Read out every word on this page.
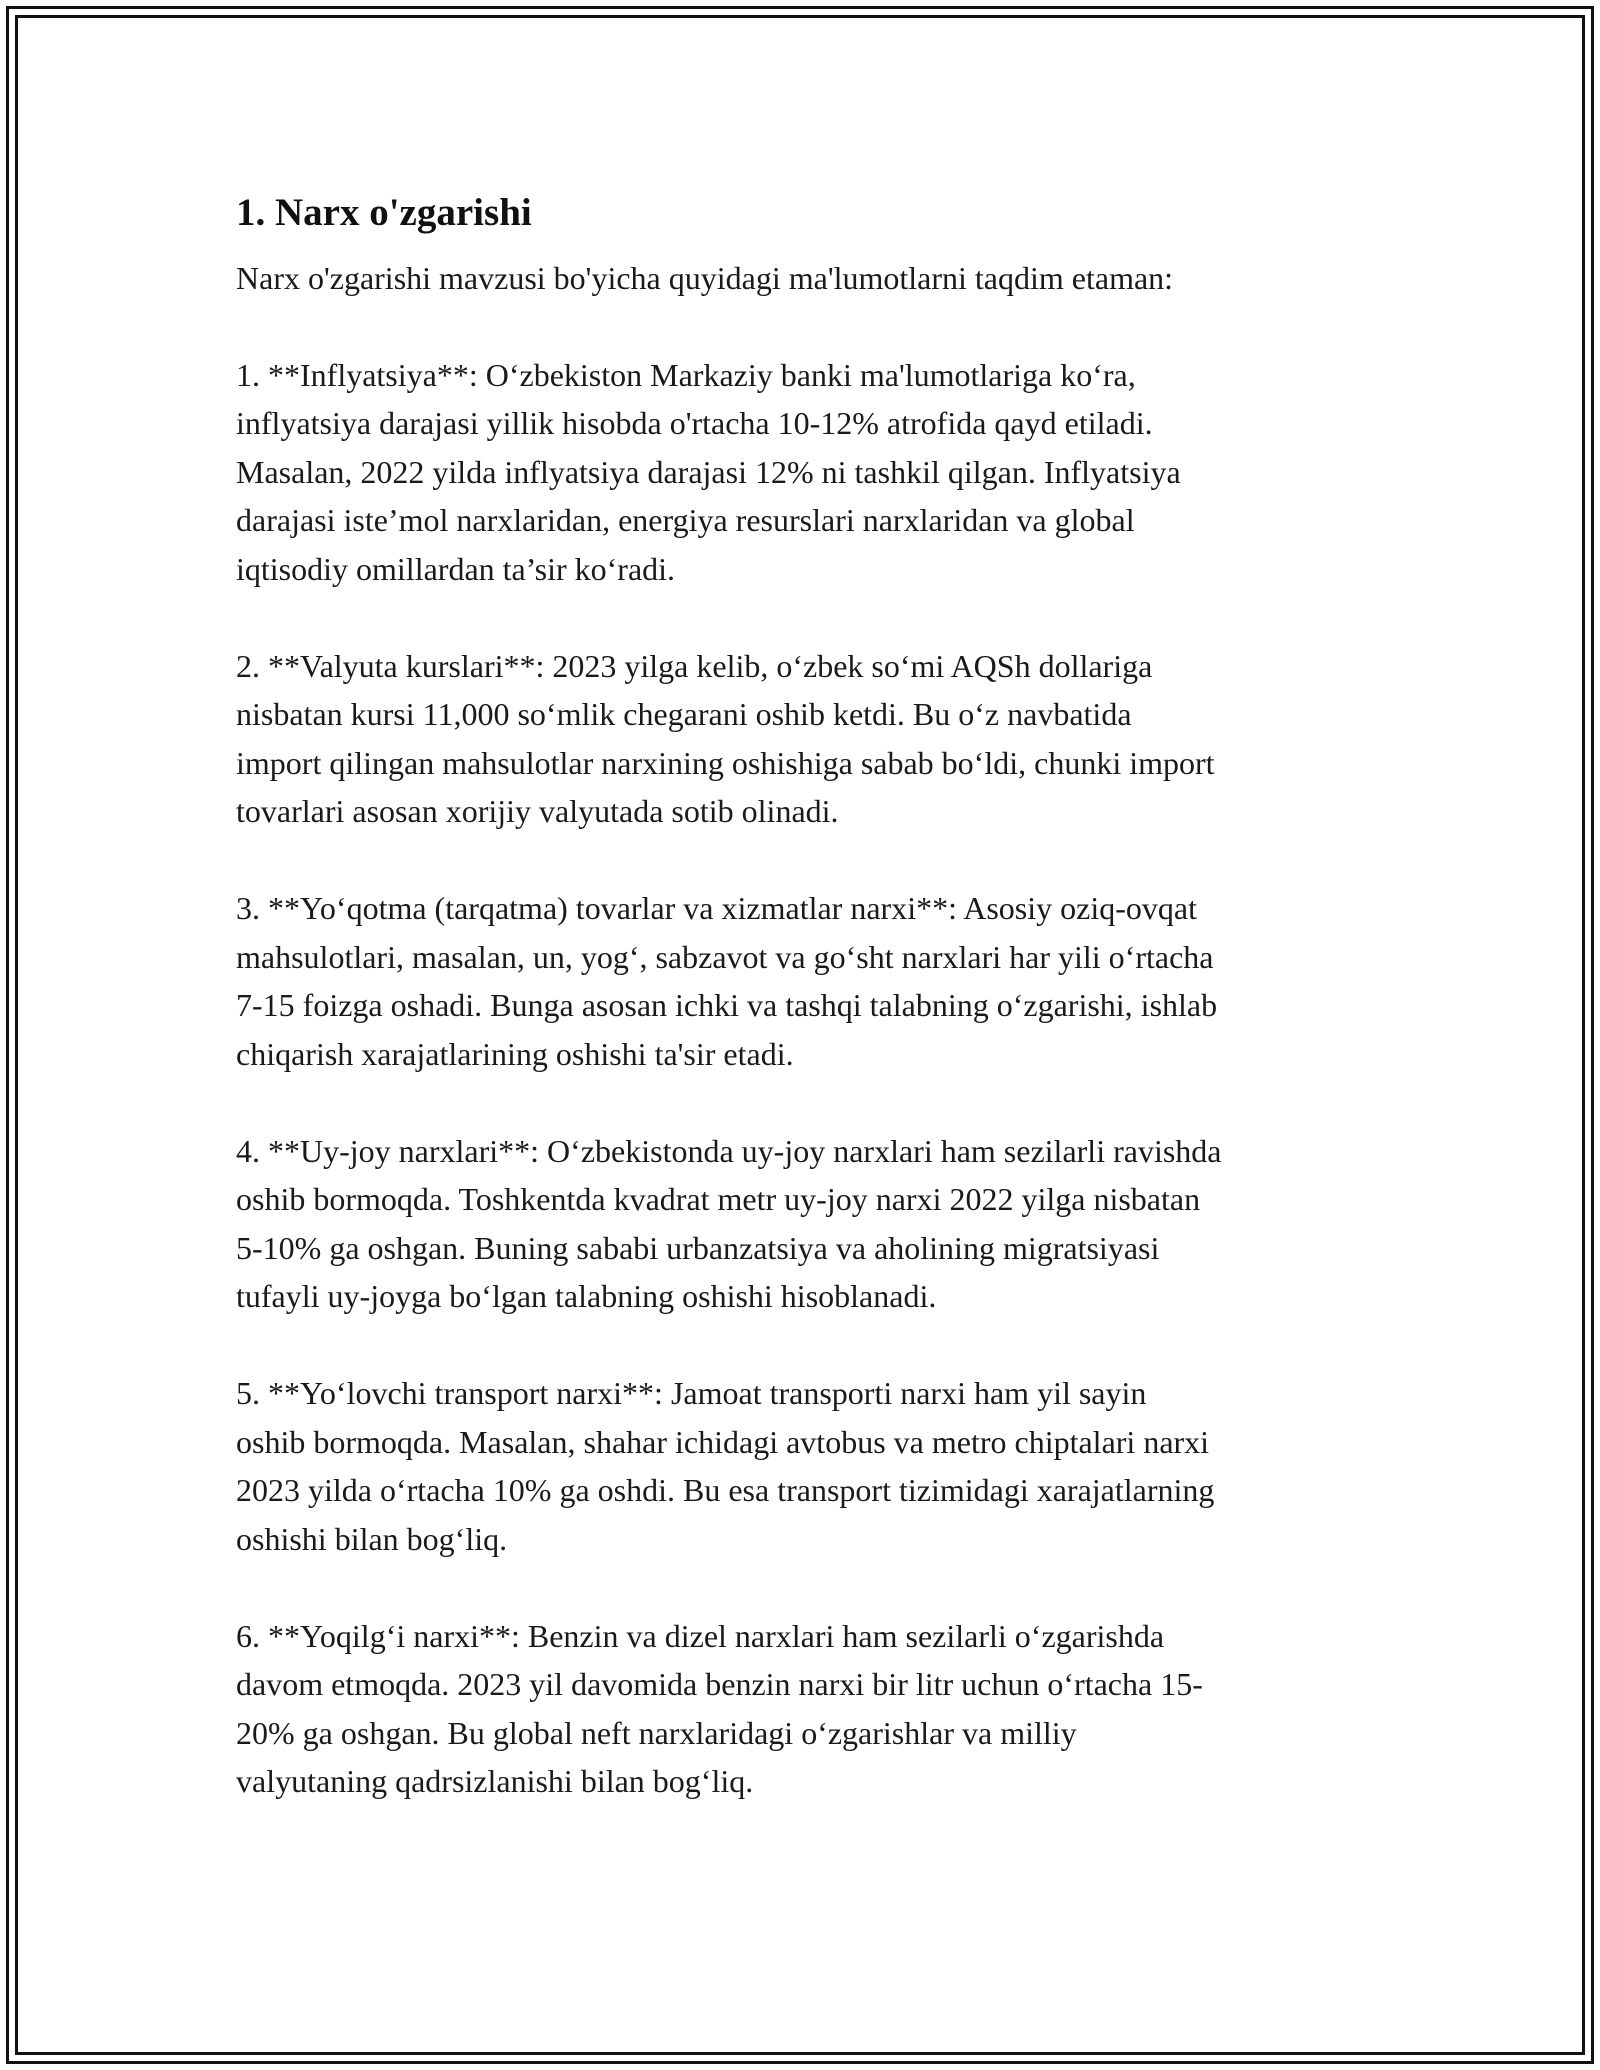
1. Narx o'zgarishi

Narx o'zgarishi mavzusi bo'yicha quyidagi ma'lumotlarni taqdim etaman:

1. **Inflyatsiya**: O‘zbekiston Markaziy banki ma'lumotlariga ko‘ra,
inflyatsiya darajasi yillik hisobda o'rtacha 10-12% atrofida qayd etiladi.
Masalan, 2022 yilda inflyatsiya darajasi 12% ni tashkil qilgan. Inflyatsiya
darajasi iste’mol narxlaridan, energiya resurslari narxlaridan va global
iqtisodiy omillardan ta’sir ko‘radi.

2. **Valyuta kurslari**: 2023 yilga kelib, o‘zbek so‘mi AQSh dollariga
nisbatan kursi 11,000 so‘mlik chegarani oshib ketdi. Bu o‘z navbatida
import qilingan mahsulotlar narxining oshishiga sabab bo‘ldi, chunki import
tovarlari asosan xorijiy valyutada sotib olinadi.

3. **Yo‘qotma (tarqatma) tovarlar va xizmatlar narxi**: Asosiy oziq-ovqat
mahsulotlari, masalan, un, yog‘, sabzavot va go‘sht narxlari har yili o‘rtacha
7-15 foizga oshadi. Bunga asosan ichki va tashqi talabning o‘zgarishi, ishlab
chiqarish xarajatlarining oshishi ta'sir etadi.

4. **Uy-joy narxlari**: O‘zbekistonda uy-joy narxlari ham sezilarli ravishda
oshib bormoqda. Toshkentda kvadrat metr uy-joy narxi 2022 yilga nisbatan
5-10% ga oshgan. Buning sababi urbanzatsiya va aholining migratsiyasi
tufayli uy-joyga bo‘lgan talabning oshishi hisoblanadi.

5. **Yo‘lovchi transport narxi**: Jamoat transporti narxi ham yil sayin
oshib bormoqda. Masalan, shahar ichidagi avtobus va metro chiptalari narxi
2023 yilda o‘rtacha 10% ga oshdi. Bu esa transport tizimidagi xarajatlarning
oshishi bilan bog‘liq.

6. **Yoqilg‘i narxi**: Benzin va dizel narxlari ham sezilarli o‘zgarishda
davom etmoqda. 2023 yil davomida benzin narxi bir litr uchun o‘rtacha 15-
20% ga oshgan. Bu global neft narxlaridagi o‘zgarishlar va milliy
valyutaning qadrsizlanishi bilan bog‘liq.
